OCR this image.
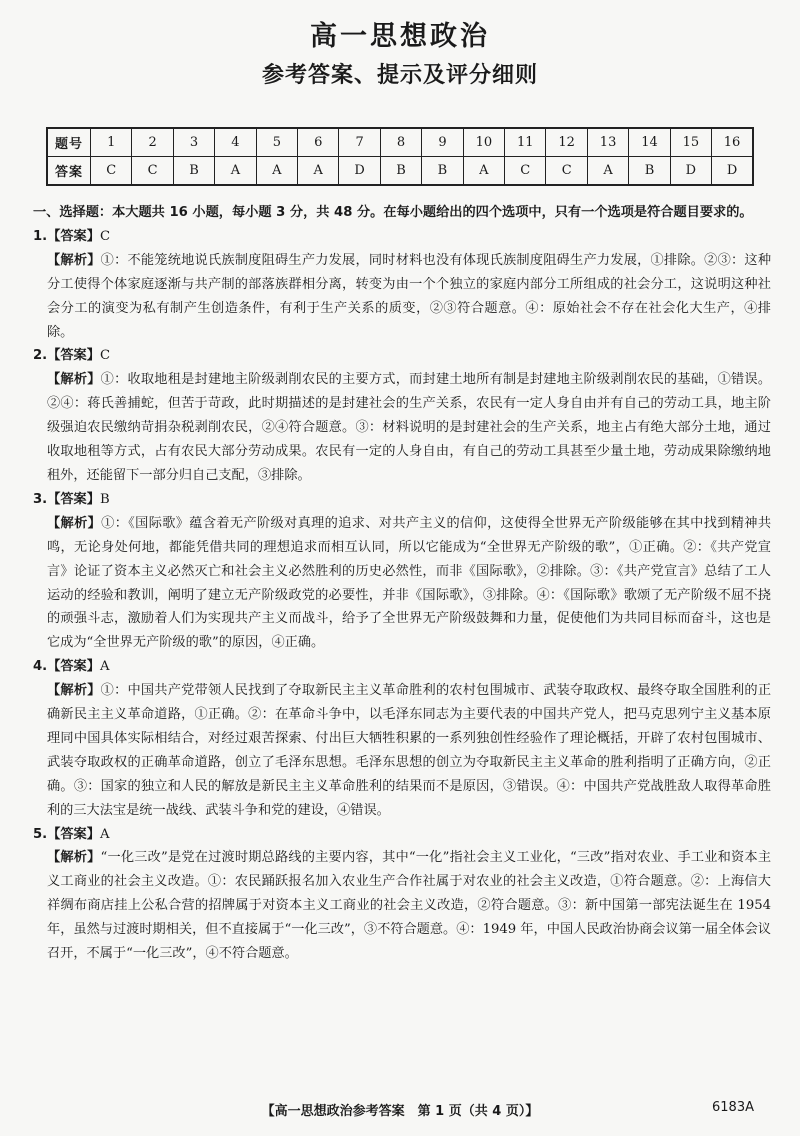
高一思想政治
参考答案、提示及评分细则
题号	1	2	3	4	5	6	7	8	9	10	11	12	13	14	15	16
答案	C	C	B	A	A	A	D	B	B	A	C	C	A	B	D	D

一、选择题：本大题共 16 小题，每小题 3 分，共 48 分。在每小题给出的四个选项中，只有一个选项是符合题目要求的。

1.【答案】C

【解析】①：不能笼统地说氏族制度阻碍生产力发展，同时材料也没有体现氏族制度阻碍生产力发展，①排除。②③：这种分工使得个体家庭逐渐与共产制的部落族群相分离，转变为由一个个独立的家庭内部分工所组成的社会分工，这说明这种社会分工的演变为私有制产生创造条件，有利于生产关系的质变，②③符合题意。④：原始社会不存在社会化大生产，④排除。

2.【答案】C

【解析】①：收取地租是封建地主阶级剥削农民的主要方式，而封建土地所有制是封建地主阶级剥削农民的基础，①错误。②④：蒋氏善捕蛇，但苦于苛政，此时期描述的是封建社会的生产关系，农民有一定人身自由并有自己的劳动工具，地主阶级强迫农民缴纳苛捐杂税剥削农民，②④符合题意。③：材料说明的是封建社会的生产关系，地主占有绝大部分土地，通过收取地租等方式，占有农民大部分劳动成果。农民有一定的人身自由，有自己的劳动工具甚至少量土地，劳动成果除缴纳地租外，还能留下一部分归自己支配，③排除。

3.【答案】B

【解析】①：《国际歌》蕴含着无产阶级对真理的追求、对共产主义的信仰，这使得全世界无产阶级能够在其中找到精神共鸣，无论身处何地，都能凭借共同的理想追求而相互认同，所以它能成为“全世界无产阶级的歌”，①正确。②：《共产党宣言》论证了资本主义必然灭亡和社会主义必然胜利的历史必然性，而非《国际歌》，②排除。③：《共产党宣言》总结了工人运动的经验和教训，阐明了建立无产阶级政党的必要性，并非《国际歌》，③排除。④：《国际歌》歌颂了无产阶级不屈不挠的顽强斗志，激励着人们为实现共产主义而战斗，给予了全世界无产阶级鼓舞和力量，促使他们为共同目标而奋斗，这也是它成为“全世界无产阶级的歌”的原因，④正确。

4.【答案】A

【解析】①：中国共产党带领人民找到了夺取新民主主义革命胜利的农村包围城市、武装夺取政权、最终夺取全国胜利的正确新民主主义革命道路，①正确。②：在革命斗争中，以毛泽东同志为主要代表的中国共产党人，把马克思列宁主义基本原理同中国具体实际相结合，对经过艰苦探索、付出巨大牺牲积累的一系列独创性经验作了理论概括，开辟了农村包围城市、武装夺取政权的正确革命道路，创立了毛泽东思想。毛泽东思想的创立为夺取新民主主义革命的胜利指明了正确方向，②正确。③：国家的独立和人民的解放是新民主主义革命胜利的结果而不是原因，③错误。④：中国共产党战胜敌人取得革命胜利的三大法宝是统一战线、武装斗争和党的建设，④错误。

5.【答案】A

【解析】“一化三改”是党在过渡时期总路线的主要内容，其中“一化”指社会主义工业化，“三改”指对农业、手工业和资本主义工商业的社会主义改造。①：农民踊跃报名加入农业生产合作社属于对农业的社会主义改造，①符合题意。②：上海信大祥绸布商店挂上公私合营的招牌属于对资本主义工商业的社会主义改造，②符合题意。③：新中国第一部宪法诞生在 1954 年，虽然与过渡时期相关，但不直接属于“一化三改”，③不符合题意。④：1949 年，中国人民政治协商会议第一届全体会议召开，不属于“一化三改”，④不符合题意。

【高一思想政治参考答案　第 1 页（共 4 页）】	6183A
